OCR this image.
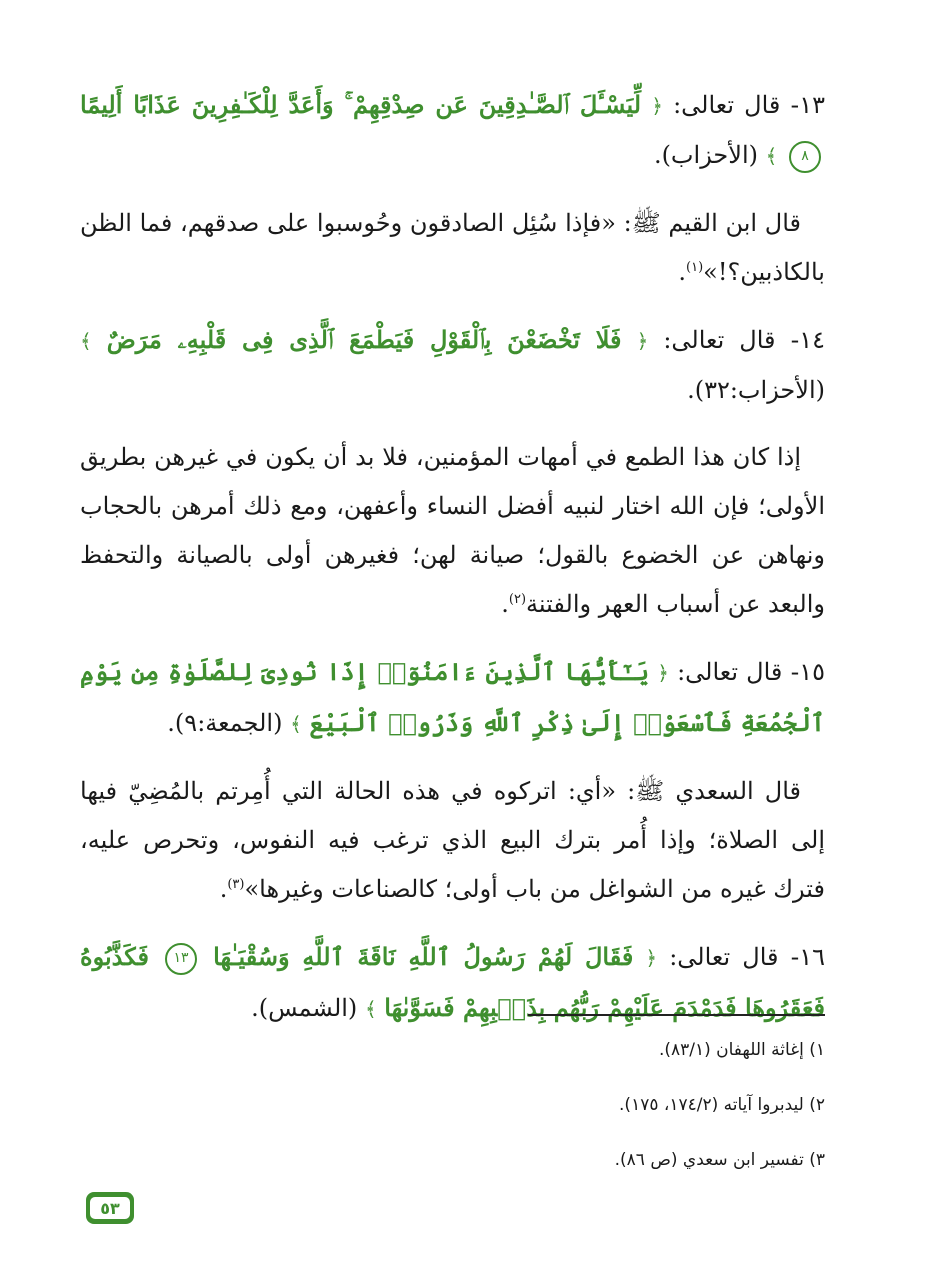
١٣- قال تعالى: ﴿ لِّيَسْـَٔلَ ٱلصَّـٰدِقِينَ عَن صِدْقِهِمْ ۚ وَأَعَدَّ لِلْكَـٰفِرِينَ عَذَابًا أَلِيمًا ٨ ﴾ (الأحزاب).

قال ابن القيم ﷺ: «فإذا سُئِل الصادقون وحُوسبوا على صدقهم، فما الظن بالكاذبين؟!»$^{(١)}$.

١٤- قال تعالى: ﴿ فَلَا تَخْضَعْنَ بِٱلْقَوْلِ فَيَطْمَعَ ٱلَّذِى فِى قَلْبِهِۦ مَرَضٌ ﴾ (الأحزاب:٣٢).

إذا كان هذا الطمع في أمهات المؤمنين، فلا بد أن يكون في غيرهن بطريق الأولى؛ فإن الله اختار لنبيه أفضل النساء وأعفهن، ومع ذلك أمرهن بالحجاب ونهاهن عن الخضوع بالقول؛ صيانة لهن؛ فغيرهن أولى بالصيانة والتحفظ والبعد عن أسباب العهر والفتنة$^{(٢)}$.

١٥- قال تعالى: ﴿ يَـٰٓأَيُّهَا ٱلَّذِينَ ءَامَنُوٓا۟ إِذَا نُودِىَ لِلصَّلَوٰةِ مِن يَوْمِ ٱلْجُمُعَةِ فَٱسْعَوْا۟ إِلَىٰ ذِكْرِ ٱللَّهِ وَذَرُوا۟ ٱلْبَيْعَ ﴾ (الجمعة:٩).

قال السعدي ﷺ: «أي: اتركوه في هذه الحالة التي أُمِرتم بالمُضِيّ فيها إلى الصلاة؛ وإذا أُمر بترك البيع الذي ترغب فيه النفوس، وتحرص عليه، فترك غيره من الشواغل من باب أولى؛ كالصناعات وغيرها»$^{(٣)}$.

١٦- قال تعالى: ﴿ فَقَالَ لَهُمْ رَسُولُ ٱللَّهِ نَاقَةَ ٱللَّهِ وَسُقْيَـٰهَا ١٣ فَكَذَّبُوهُ فَعَقَرُوهَا فَدَمْدَمَ عَلَيْهِمْ رَبُّهُم بِذَنۢبِهِمْ فَسَوَّىٰهَا ﴾ (الشمس).

١) إغاثة اللهفان (٨٣/١).

٢) ليدبروا آياته (١٧٤/٢، ١٧٥).

٣) تفسير ابن سعدي (ص ٨٦).

٥٣
